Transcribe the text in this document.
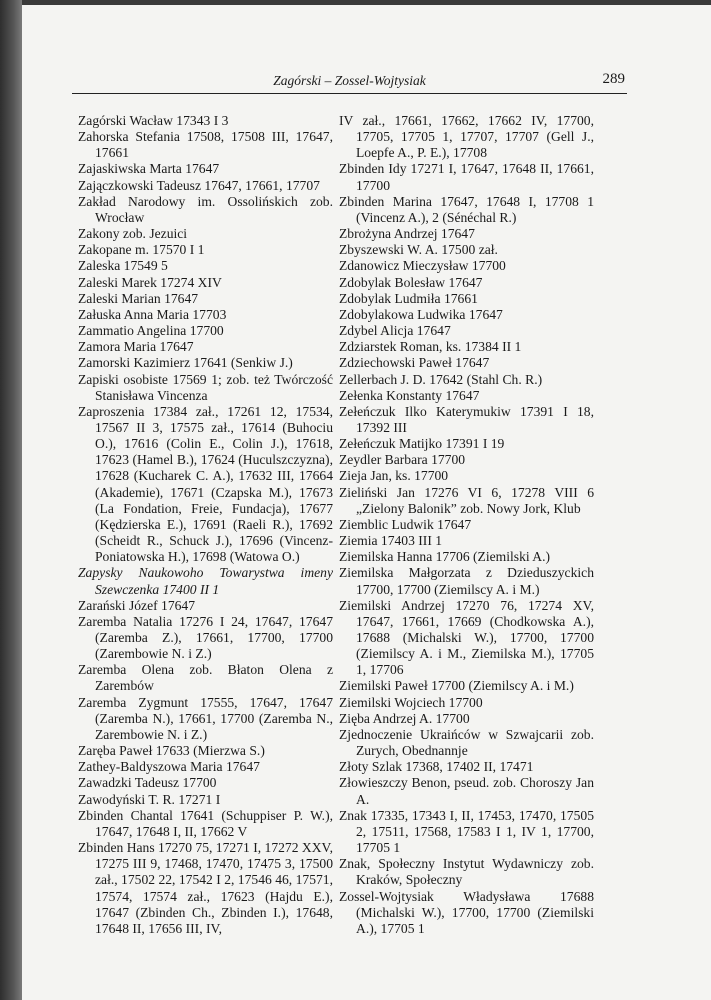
Zagórski – Zossel-Wojtysiak	289

Zagórski Wacław 17343 I 3

Zahorska Stefania 17508, 17508 III, 17647, 17661

Zajaskiwska Marta 17647

Zajączkowski Tadeusz 17647, 17661, 17707

Zakład Narodowy im. Ossolińskich zob. Wrocław

Zakony zob. Jezuici

Zakopane m. 17570 I 1

Zaleska 17549 5

Zaleski Marek 17274 XIV

Zaleski Marian 17647

Załuska Anna Maria 17703

Zammatio Angelina 17700

Zamora Maria 17647

Zamorski Kazimierz 17641 (Senkiw J.)

Zapiski osobiste 17569 1; zob. też Twórczość Stanisława Vincenza

Zaproszenia 17384 zał., 17261 12, 17534, 17567 II 3, 17575 zał., 17614 (Buhociu O.), 17616 (Colin E., Colin J.), 17618, 17623 (Hamel B.), 17624 (Huculszczyzna), 17628 (Kucharek C. A.), 17632 III, 17664 (Akademie), 17671 (Czapska M.), 17673 (La Fondation, Freie, Fundacja), 17677 (Kędzierska E.), 17691 (Raeli R.), 17692 (Scheidt R., Schuck J.), 17696 (Vincenz-Poniatowska H.), 17698 (Watowa O.)

Zapysky Naukowoho Towarystwa imeny Szewczenka 17400 II 1

Zarański Józef 17647

Zaremba Natalia 17276 I 24, 17647, 17647 (Zaremba Z.), 17661, 17700, 17700 (Zarembowie N. i Z.)

Zaremba Olena zob. Błaton Olena z Zarembów

Zaremba Zygmunt 17555, 17647, 17647 (Zaremba N.), 17661, 17700 (Zaremba N., Zarembowie N. i Z.)

Zaręba Paweł 17633 (Mierzwa S.)

Zathey-Baldyszowa Maria 17647

Zawadzki Tadeusz 17700

Zawodyński T. R. 17271 I

Zbinden Chantal 17641 (Schuppiser P. W.), 17647, 17648 I, II, 17662 V

Zbinden Hans 17270 75, 17271 I, 17272 XXV, 17275 III 9, 17468, 17470, 17475 3, 17500 zał., 17502 22, 17542 I 2, 17546 46, 17571, 17574, 17574 zał., 17623 (Hajdu E.), 17647 (Zbinden Ch., Zbinden I.), 17648, 17648 II, 17656 III, IV,

IV zał., 17661, 17662, 17662 IV, 17700, 17705, 17705 1, 17707, 17707 (Gell J., Loepfe A., P. E.), 17708

Zbinden Idy 17271 I, 17647, 17648 II, 17661, 17700

Zbinden Marina 17647, 17648 I, 17708 1 (Vincenz A.), 2 (Sénéchal R.)

Zbrożyna Andrzej 17647

Zbyszewski W. A. 17500 zał.

Zdanowicz Mieczysław 17700

Zdobylak Bolesław 17647

Zdobylak Ludmiła 17661

Zdobylakowa Ludwika 17647

Zdybel Alicja 17647

Zdziarstek Roman, ks. 17384 II 1

Zdziechowski Paweł 17647

Zellerbach J. D. 17642 (Stahl Ch. R.)

Zełenka Konstanty 17647

Zełeńczuk Ilko Katerymukiw 17391 I 18, 17392 III

Zełeńczuk Matijko 17391 I 19

Zeydler Barbara 17700

Zieja Jan, ks. 17700

Zieliński Jan 17276 VI 6, 17278 VIII 6 „Zielony Balonik” zob. Nowy Jork, Klub

Ziemblic Ludwik 17647

Ziemia 17403 III 1

Ziemilska Hanna 17706 (Ziemilski A.)

Ziemilska Małgorzata z Dzieduszyckich 17700, 17700 (Ziemilscy A. i M.)

Ziemilski Andrzej 17270 76, 17274 XV, 17647, 17661, 17669 (Chodkowska A.), 17688 (Michalski W.), 17700, 17700 (Ziemilscy A. i M., Ziemilska M.), 17705 1, 17706

Ziemilski Paweł 17700 (Ziemilscy A. i M.)

Ziemilski Wojciech 17700

Zięba Andrzej A. 17700

Zjednoczenie Ukraińców w Szwajcarii zob. Zurych, Obednannje

Złoty Szlak 17368, 17402 II, 17471

Złowieszczy Benon, pseud. zob. Choroszy Jan A.

Znak 17335, 17343 I, II, 17453, 17470, 17505 2, 17511, 17568, 17583 I 1, IV 1, 17700, 17705 1

Znak, Społeczny Instytut Wydawniczy zob. Kraków, Społeczny

Zossel-Wojtysiak Władysława 17688 (Michalski W.), 17700, 17700 (Ziemilski A.), 17705 1
